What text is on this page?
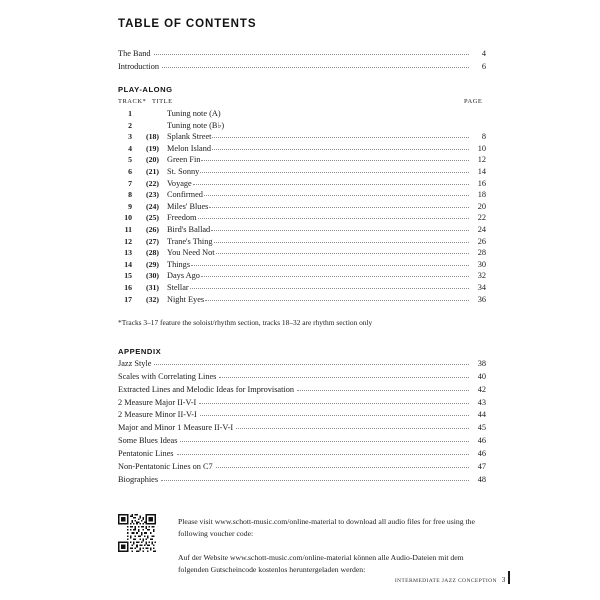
TABLE OF CONTENTS
The Band	4
Introduction	6
PLAY-ALONG
TRACK* TITLE	PAGE
1	Tuning note (A)
2	Tuning note (B♭)
3	(18) Splank Street	8
4	(19) Melon Island	10
5	(20) Green Fin	12
6	(21) St. Sonny	14
7	(22) Voyage	16
8	(23) Confirmed	18
9	(24) Miles' Blues	20
10	(25) Freedom	22
11	(26) Bird's Ballad	24
12	(27) Trane's Thing	26
13	(28) You Need Not	28
14	(29) Things	30
15	(30) Days Ago	32
16	(31) Stellar	34
17	(32) Night Eyes	36
*Tracks 3–17 feature the soloist/rhythm section, tracks 18–32 are rhythm section only
APPENDIX
Jazz Style	38
Scales with Correlating Lines	40
Extracted Lines and Melodic Ideas for Improvisation	42
2 Measure Major II-V-I	43
2 Measure Minor II-V-I	44
Major and Minor 1 Measure II-V-I	45
Some Blues Ideas	46
Pentatonic Lines	46
Non-Pentatonic Lines on C7	47
Biographies	48

Please visit www.schott-music.com/online-material to download all audio files for free using the following voucher code:

Auf der Website www.schott-music.com/online-material können alle Audio-Dateien mit dem folgenden Gutscheincode kostenlos heruntergeladen werden:

INTERMEDIATE JAZZ CONCEPTION 3
